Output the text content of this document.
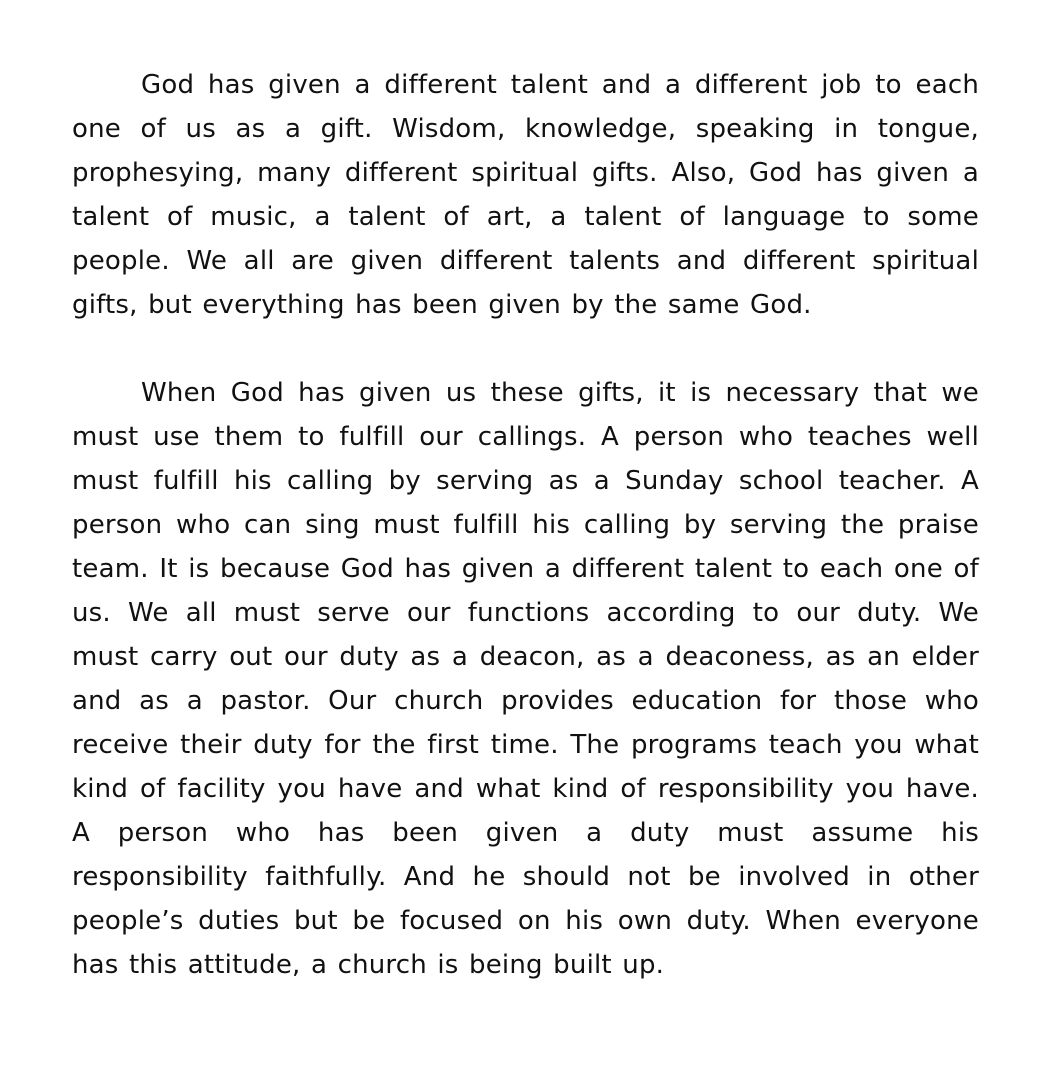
God has given a different talent and a different job to each one of us as a gift. Wisdom, knowledge, speaking in tongue, prophesying, many different spiritual gifts. Also, God has given a talent of music, a talent of art, a talent of language to some people. We all are given different talents and different spiritual gifts, but everything has been given by the same God.

When God has given us these gifts, it is necessary that we must use them to fulfill our callings. A person who teaches well must fulfill his calling by serving as a Sunday school teacher. A person who can sing must fulfill his calling by serving the praise team. It is because God has given a different talent to each one of us. We all must serve our functions according to our duty. We must carry out our duty as a deacon, as a deaconess, as an elder and as a pastor. Our church provides education for those who receive their duty for the first time. The programs teach you what kind of facility you have and what kind of responsibility you have. A person who has been given a duty must assume his responsibility faithfully. And he should not be involved in other people’s duties but be focused on his own duty. When everyone has this attitude, a church is being built up.
